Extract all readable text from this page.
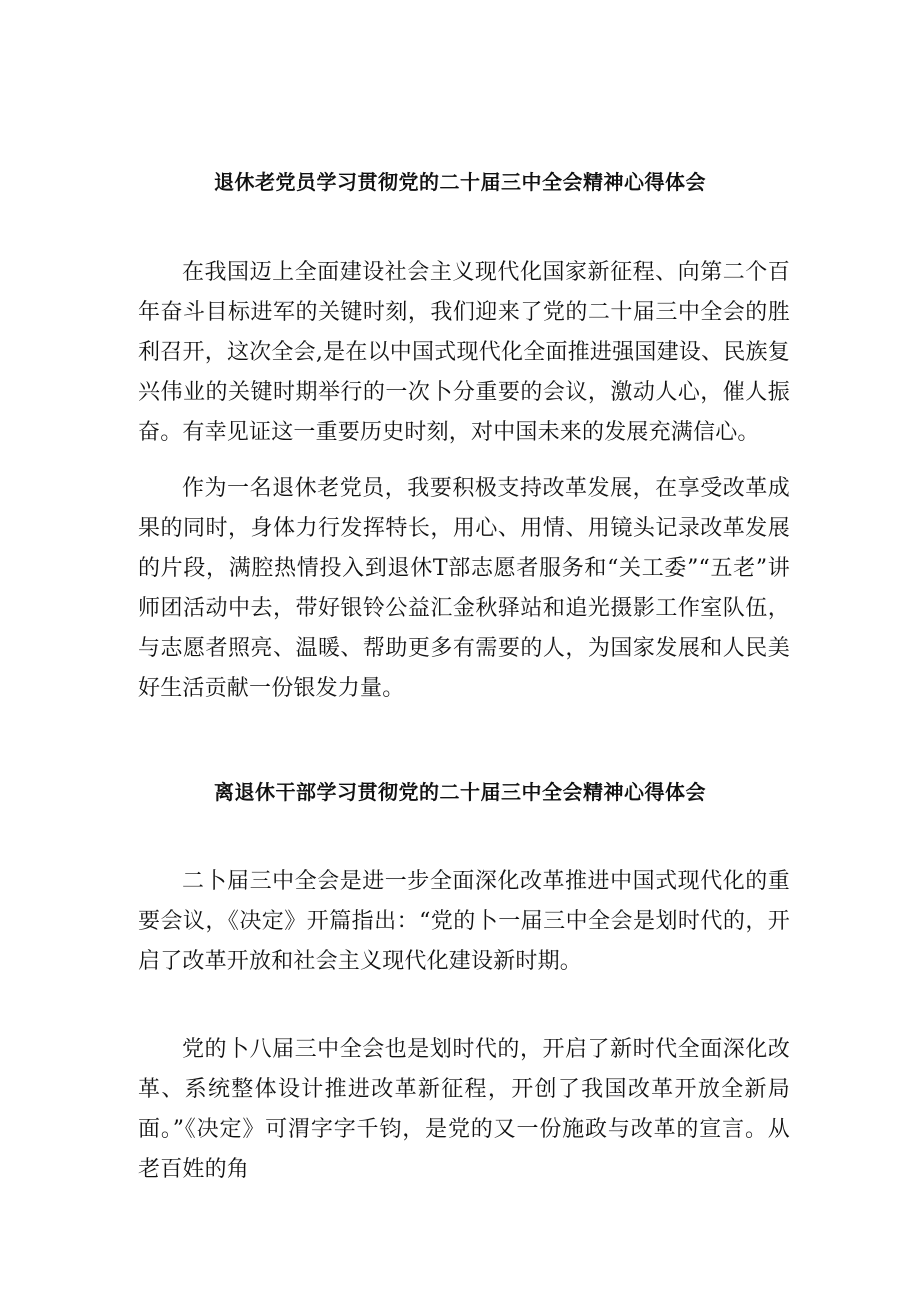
退休老党员学习贯彻党的二十届三中全会精神心得体会

在我国迈上全面建设社会主义现代化国家新征程、向第二个百年奋斗目标进军的关键时刻，我们迎来了党的二十届三中全会的胜利召开，这次全会,是在以中国式现代化全面推进强国建设、民族复兴伟业的关键时期举行的一次卜分重要的会议，激动人心，催人振奋。有幸见证这一重要历史时刻，对中国未来的发展充满信心。

作为一名退休老党员，我要积极支持改革发展，在享受改革成果的同时，身体力行发挥特长，用心、用情、用镜头记录改革发展的片段，满腔热情投入到退休T部志愿者服务和“关工委”“五老”讲师团活动中去，带好银铃公益汇金秋驿站和追光摄影工作室队伍，与志愿者照亮、温暖、帮助更多有需要的人，为国家发展和人民美好生活贡献一份银发力量。

离退休干部学习贯彻党的二十届三中全会精神心得体会

二卜届三中全会是进一步全面深化改革推进中国式现代化的重要会议，《决定》开篇指出：“党的卜一届三中全会是划时代的，开启了改革开放和社会主义现代化建设新时期。

党的卜八届三中全会也是划时代的，开启了新时代全面深化改革、系统整体设计推进改革新征程，开创了我国改革开放全新局面。”《决定》可渭字字千钧，是党的又一份施政与改革的宣言。从老百姓的角
